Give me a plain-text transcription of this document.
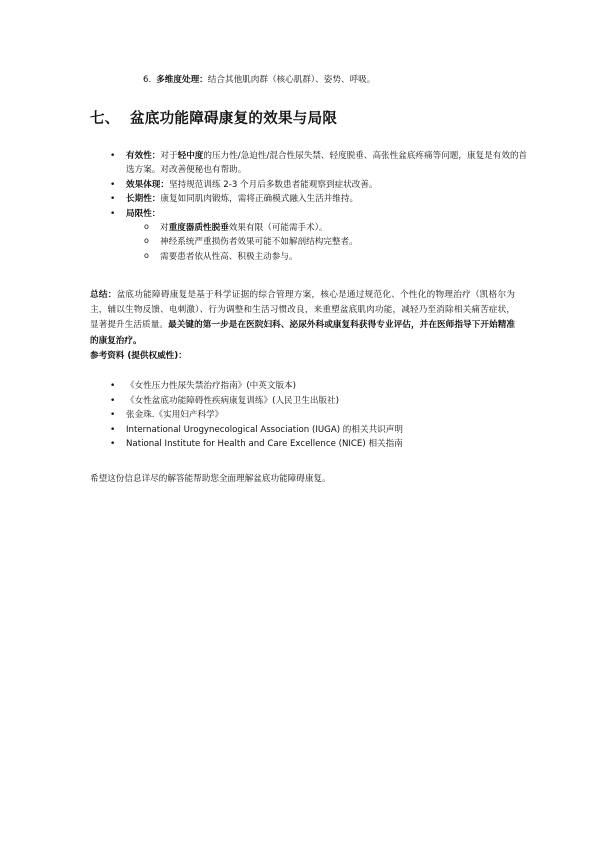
6. 多维度处理：结合其他肌肉群（核心肌群）、姿势、呼吸。
七、 盆底功能障碍康复的效果与局限
• 有效性：对于轻中度的压力性/急迫性/混合性尿失禁、轻度脱垂、高张性盆底疼痛等问题，康复是有效的首选方案。对改善便秘也有帮助。
• 效果体现：坚持规范训练 2-3 个月后多数患者能观察到症状改善。
• 长期性：康复如同肌肉锻炼，需将正确模式融入生活并维持。
• 局限性：
o 对重度器质性脱垂效果有限（可能需手术）。
o 神经系统严重损伤者效果可能不如解剖结构完整者。
o 需要患者依从性高、积极主动参与。
总结：盆底功能障碍康复是基于科学证据的综合管理方案，核心是通过规范化、个性化的物理治疗（凯格尔为主，辅以生物反馈、电刺激）、行为调整和生活习惯改良，来重塑盆底肌肉功能，减轻乃至消除相关痛苦症状，显著提升生活质量。最关键的第一步是在医院妇科、泌尿外科或康复科获得专业评估，并在医师指导下开始精准的康复治疗。
参考资料 (提供权威性)：
• 《女性压力性尿失禁治疗指南》(中英文版本)
• 《女性盆底功能障碍性疾病康复训练》(人民卫生出版社)
• 张金珠.《实用妇产科学》
• International Urogynecological Association (IUGA) 的相关共识声明
• National Institute for Health and Care Excellence (NICE) 相关指南
希望这份信息详尽的解答能帮助您全面理解盆底功能障碍康复。
